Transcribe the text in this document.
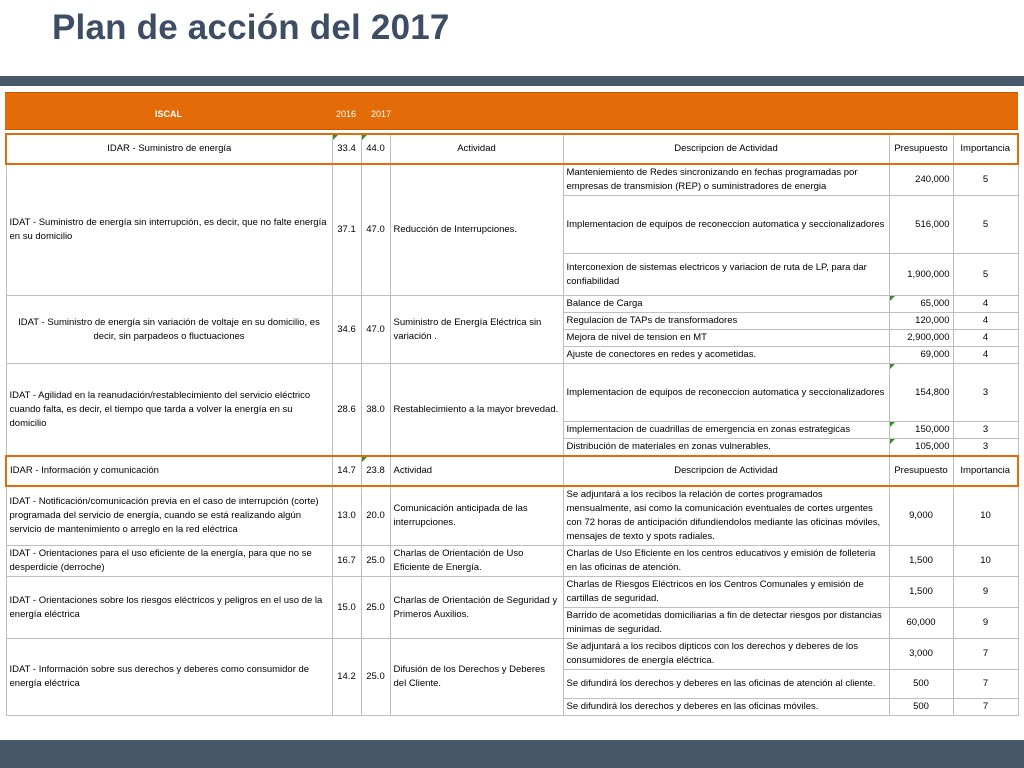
Plan de acción del 2017
ISCAL	2016 2017
IDAR - Suministro de energía	33.4	44.0	Actividad	Descripcion de Actividad	Presupuesto	Importancia
IDAT - Suministro de energía sin interrupción, es decir, que no falte energía en su domicilio	37.1	47.0	Reducción de Interrupciones.	Manteniemiento de Redes sincronizando en fechas programadas por empresas de transmision (REP) o suministradores de energia	240,000	5
				Implementacion de equipos de reconeccion automatica y seccionalizadores	516,000	5
				Interconexion de sistemas electricos y variacion de ruta de LP, para dar confiabilidad	1,900,000	5
IDAT - Suministro de energía sin variación de voltaje en su domicilio, es decir, sin parpadeos o fluctuaciones	34.6	47.0	Suministro de Energía Eléctrica sin variación .	Balance de Carga	65,000	4
				Regulacion de TAPs de transformadores	120,000	4
				Mejora de nivel de tension en MT	2,900,000	4
				Ajuste de conectores en redes y acometidas.	69,000	4
IDAT - Agilidad en la reanudación/restablecimiento del servicio eléctrico cuando falta, es decir, el tiempo que tarda a volver la energía en su domicilio	28.6	38.0	Restablecimiento a la mayor brevedad.	Implementacion de equipos de reconeccion automatica y seccionalizadores	154,800	3
				Implementacion de cuadrillas de emergencia en zonas estrategicas	150,000	3
				Distribución de materiales en zonas vulnerables.	105,000	3
IDAR - Información y comunicación	14.7	23.8	Actividad	Descripcion de Actividad	Presupuesto	Importancia
IDAT - Notificación/comunicación previa en el caso de interrupción (corte) programada del servicio de energía, cuando se está realizando algún servicio de mantenimiento o arreglo en la red eléctrica	13.0	20.0	Comunicación anticipada de las interrupciones.	Se adjuntará a los recibos la relación de cortes programados mensualmente, asi como la comunicación eventuales de cortes urgentes con 72 horas de anticipación difundiendolos mediante las oficinas móviles, mensajes de texto y spots radiales.	9,000	10
IDAT - Orientaciones para el uso eficiente de la energía, para que no se desperdicie (derroche)	16.7	25.0	Charlas de Orientación de Uso Eficiente de Energía.	Charlas de Uso Eficiente en los centros educativos y emisión de folleteria en las oficinas de atención.	1,500	10
IDAT - Orientaciones sobre los riesgos eléctricos y peligros en el uso de la energía eléctrica	15.0	25.0	Charlas de Orientación de Seguridad y Primeros Auxilios.	Charlas de Riesgos Eléctricos en los Centros Comunales y emisión de cartillas de seguridad.	1,500	9
				Barrido de acometidas domiciliarias a fin de detectar riesgos por distancias minimas de seguridad.	60,000	9
IDAT - Información sobre sus derechos y deberes como consumidor de energía eléctrica	14.2	25.0	Difusión de los Derechos y Deberes del Cliente.	Se adjuntará a los recibos dipticos con los derechos y deberes de los consumidores de energía eléctrica.	3,000	7
				Se difundirá los derechos y deberes en las oficinas de atención al cliente.	500	7
				Se difundirá los derechos y deberes en las oficinas móviles.	500	7
